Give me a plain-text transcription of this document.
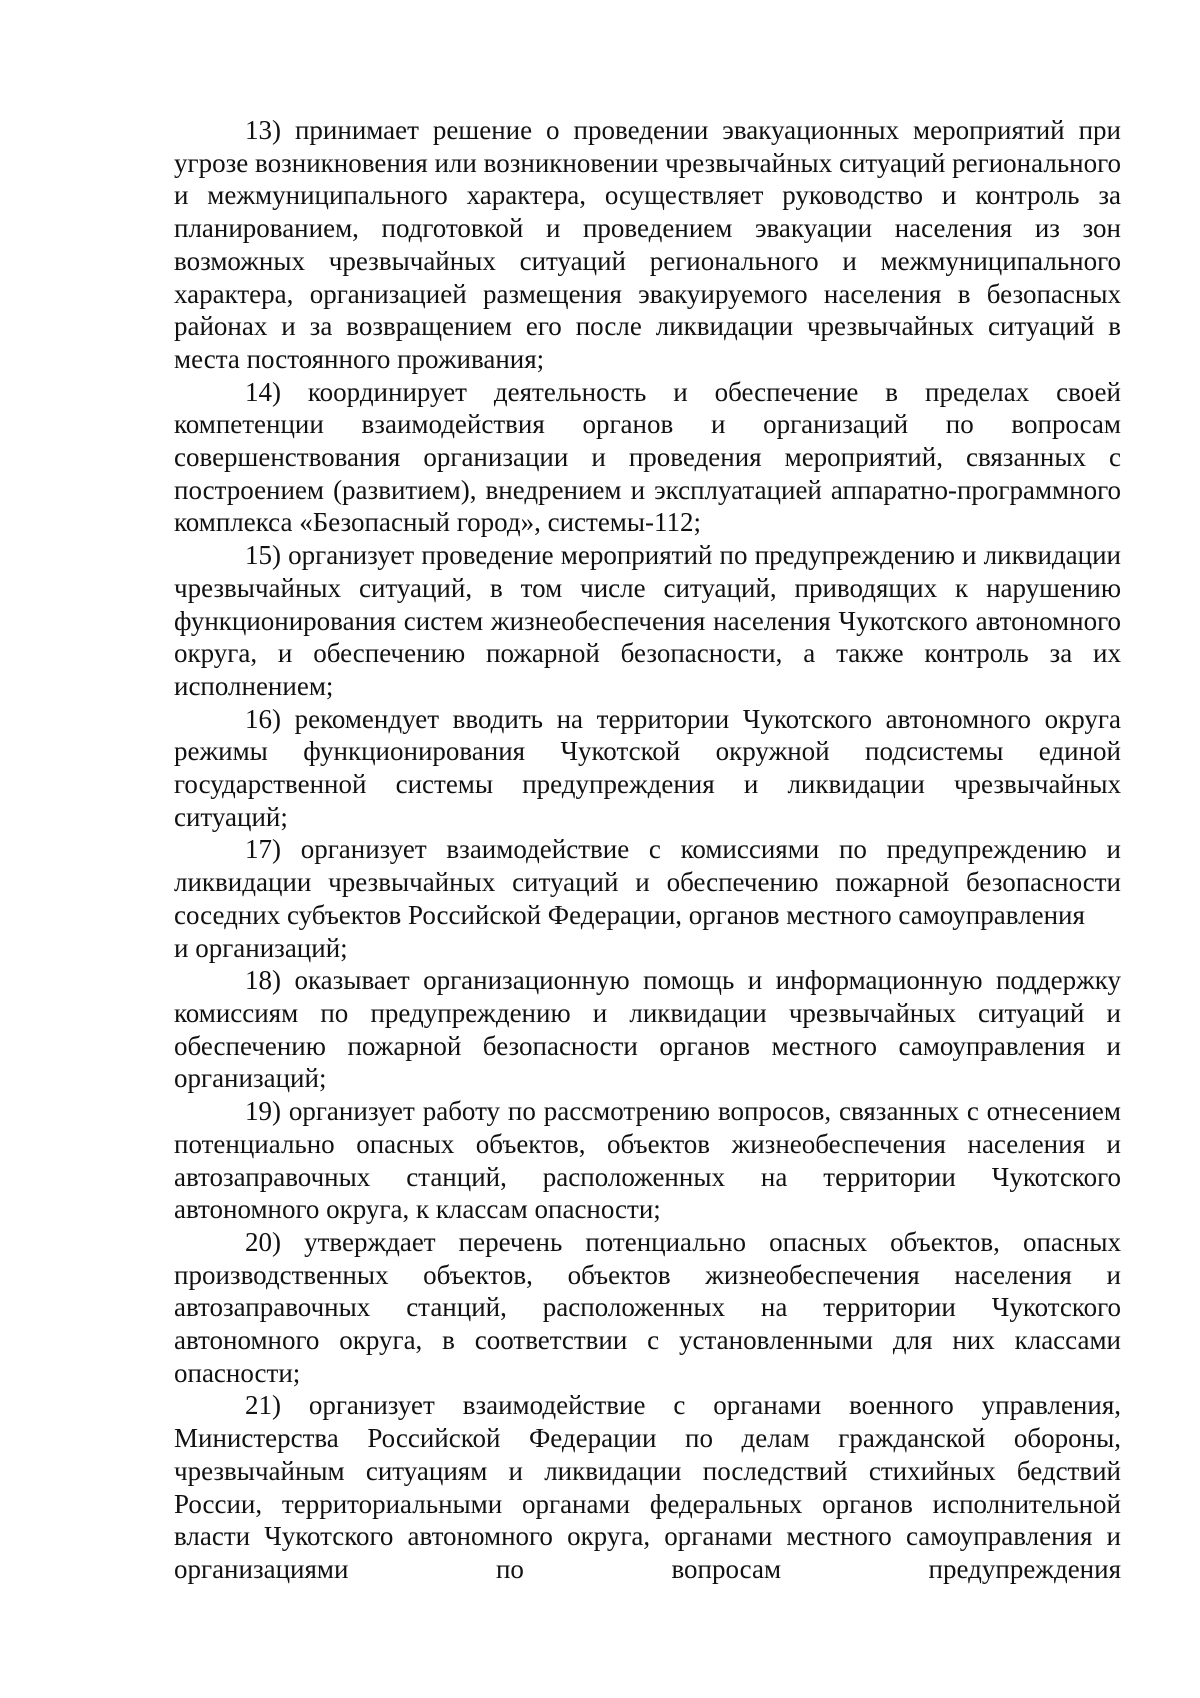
13) принимает решение о проведении эвакуационных мероприятий при угрозе возникновения или возникновении чрезвычайных ситуаций регионального и межмуниципального характера, осуществляет руководство и контроль за планированием, подготовкой и проведением эвакуации населения из зон возможных чрезвычайных ситуаций регионального и межмуниципального характера, организацией размещения эвакуируемого населения в безопасных районах и за возвращением его после ликвидации чрезвычайных ситуаций в места постоянного проживания;

14) координирует деятельность и обеспечение в пределах своей компетенции взаимодействия органов и организаций по вопросам совершенствования организации и проведения мероприятий, связанных с построением (развитием), внедрением и эксплуатацией аппаратно-программного комплекса «Безопасный город», системы-112;

15) организует проведение мероприятий по предупреждению и ликвидации чрезвычайных ситуаций, в том числе ситуаций, приводящих к нарушению функционирования систем жизнеобеспечения населения Чукотского автономного округа, и обеспечению пожарной безопасности, а также контроль за их исполнением;

16) рекомендует вводить на территории Чукотского автономного округа режимы функционирования Чукотской окружной подсистемы единой государственной системы предупреждения и ликвидации чрезвычайных ситуаций;

17) организует взаимодействие с комиссиями по предупреждению и ликвидации чрезвычайных ситуаций и обеспечению пожарной безопасности соседних субъектов Российской Федерации, органов местного самоуправления

и организаций;

18) оказывает организационную помощь и информационную поддержку комиссиям по предупреждению и ликвидации чрезвычайных ситуаций и обеспечению пожарной безопасности органов местного самоуправления и организаций;

19) организует работу по рассмотрению вопросов, связанных с отнесением потенциально опасных объектов, объектов жизнеобеспечения населения и автозаправочных станций, расположенных на территории Чукотского автономного округа, к классам опасности;

20) утверждает перечень потенциально опасных объектов, опасных производственных объектов, объектов жизнеобеспечения населения и автозаправочных станций, расположенных на территории Чукотского автономного округа, в соответствии с установленными для них классами опасности;

21) организует взаимодействие с органами военного управления, Министерства Российской Федерации по делам гражданской обороны, чрезвычайным ситуациям и ликвидации последствий стихийных бедствий России, территориальными органами федеральных органов исполнительной власти Чукотского автономного округа, органами местного самоуправления и организациями по вопросам предупреждения
